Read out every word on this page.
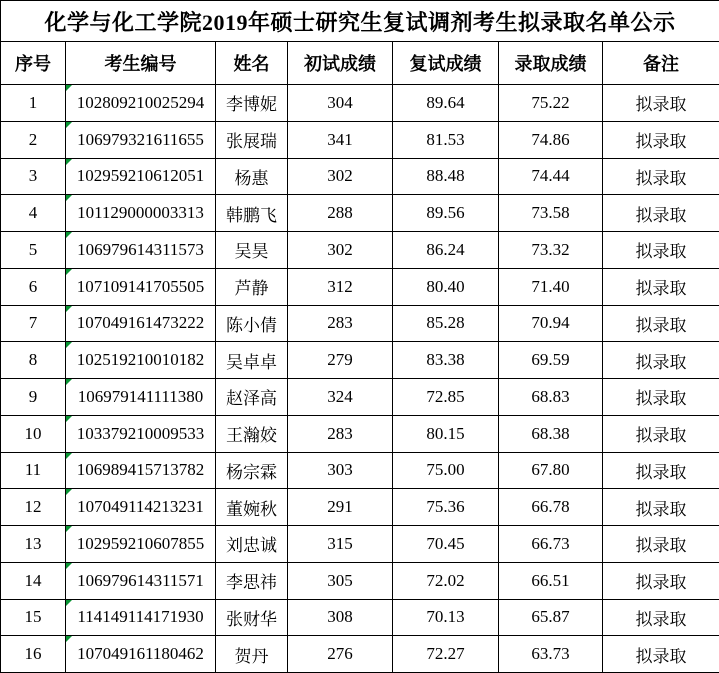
化学与化工学院2019年硕士研究生复试调剂考生拟录取名单公示						
序号	考生编号	姓名	初试成绩	复试成绩	录取成绩	备注
1	102809210025294	李博妮	304	89.64	75.22	拟录取
2	106979321611655	张展瑞	341	81.53	74.86	拟录取
3	102959210612051	杨惠	302	88.48	74.44	拟录取
4	101129000003313	韩鹏飞	288	89.56	73.58	拟录取
5	106979614311573	吴昊	302	86.24	73.32	拟录取
6	107109141705505	芦静	312	80.40	71.40	拟录取
7	107049161473222	陈小倩	283	85.28	70.94	拟录取
8	102519210010182	吴卓卓	279	83.38	69.59	拟录取
9	106979141111380	赵泽高	324	72.85	68.83	拟录取
10	103379210009533	王瀚姣	283	80.15	68.38	拟录取
11	106989415713782	杨宗霖	303	75.00	67.80	拟录取
12	107049114213231	董婉秋	291	75.36	66.78	拟录取
13	102959210607855	刘忠诚	315	70.45	66.73	拟录取
14	106979614311571	李思祎	305	72.02	66.51	拟录取
15	114149114171930	张财华	308	70.13	65.87	拟录取
16	107049161180462	贺丹	276	72.27	63.73	拟录取
